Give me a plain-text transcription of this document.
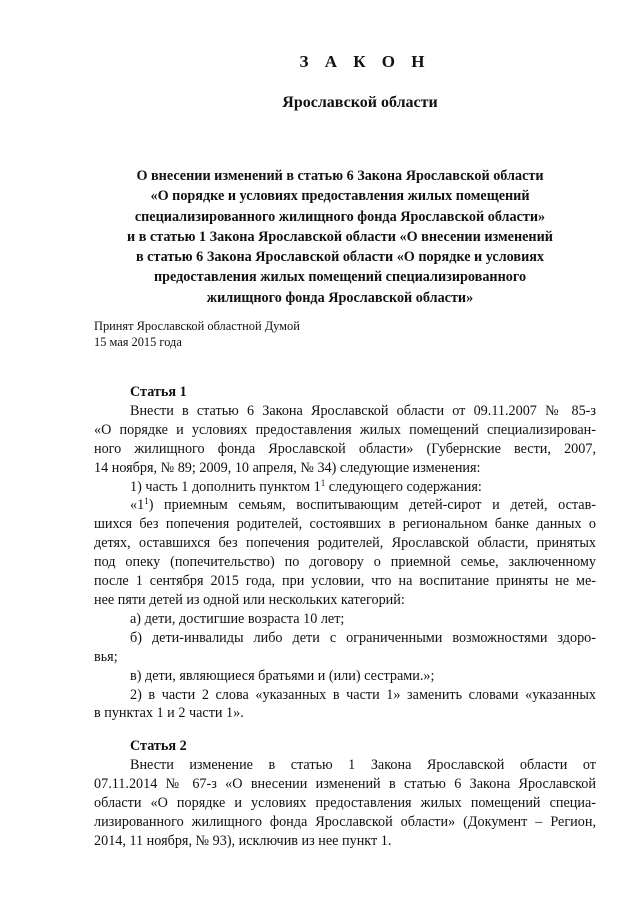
З А К О Н
Ярославской области
О внесении изменений в статью 6 Закона Ярославской области
«О порядке и условиях предоставления жилых помещений
специализированного жилищного фонда Ярославской области»
и в статью 1 Закона Ярославской области «О внесении изменений
в статью 6 Закона Ярославской области «О порядке и условиях
предоставления жилых помещений специализированного
жилищного фонда Ярославской области»
Принят Ярославской областной Думой
15 мая 2015 года
Статья 1
Внести в статью 6 Закона Ярославской области от 09.11.2007 № 85-з
«О порядке и условиях предоставления жилых помещений специализирован-
ного жилищного фонда Ярославской области» (Губернские вести, 2007,
14 ноября, № 89; 2009, 10 апреля, № 34) следующие изменения:
1) часть 1 дополнить пунктом $1^1$ следующего содержания:
«$1^1$) приемным семьям, воспитывающим детей-сирот и детей, остав-
шихся без попечения родителей, состоявших в региональном банке данных о
детях, оставшихся без попечения родителей, Ярославской области, принятых
под опеку (попечительство) по договору о приемной семье, заключенному
после 1 сентября 2015 года, при условии, что на воспитание приняты не ме-
нее пяти детей из одной или нескольких категорий:
а) дети, достигшие возраста 10 лет;
б) дети-инвалиды либо дети с ограниченными возможностями здоро-
вья;
в) дети, являющиеся братьями и (или) сестрами.»;
2) в части 2 слова «указанных в части 1» заменить словами «указанных
в пунктах 1 и 2 части 1».
Статья 2
Внести изменение в статью 1 Закона Ярославской области от
07.11.2014 № 67-з «О внесении изменений в статью 6 Закона Ярославской
области «О порядке и условиях предоставления жилых помещений специа-
лизированного жилищного фонда Ярославской области» (Документ – Регион,
2014, 11 ноября, № 93), исключив из нее пункт 1.
